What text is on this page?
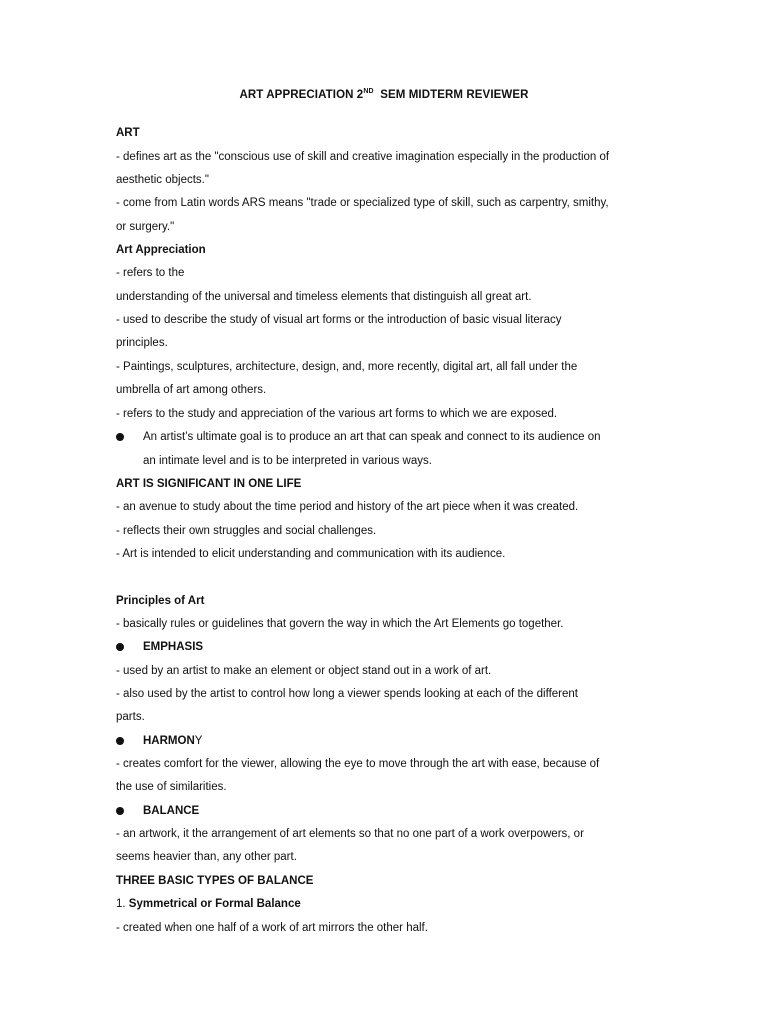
ART APPRECIATION 2ND  SEM MIDTERM REVIEWER
ART
- defines art as the "conscious use of skill and creative imagination especially in the production of
aesthetic objects."
- come from Latin words ARS means "trade or specialized type of skill, such as carpentry, smithy,
or surgery."
Art Appreciation
- refers to the
understanding of the universal and timeless elements that distinguish all great art.
- used to describe the study of visual art forms or the introduction of basic visual literacy
principles.
- Paintings, sculptures, architecture, design, and, more recently, digital art, all fall under the
umbrella of art among others.
- refers to the study and appreciation of the various art forms to which we are exposed.
An artist’s ultimate goal is to produce an art that can speak and connect to its audience on
an intimate level and is to be interpreted in various ways.
ART IS SIGNIFICANT IN ONE LIFE
- an avenue to study about the time period and history of the art piece when it was created.
- reflects their own struggles and social challenges.
- Art is intended to elicit understanding and communication with its audience.
Principles of Art
- basically rules or guidelines that govern the way in which the Art Elements go together.
EMPHASIS
- used by an artist to make an element or object stand out in a work of art.
- also used by the artist to control how long a viewer spends looking at each of the different
parts.
HARMONY
- creates comfort for the viewer, allowing the eye to move through the art with ease, because of
the use of similarities.
BALANCE
- an artwork, it the arrangement of art elements so that no one part of a work overpowers, or
seems heavier than, any other part.
THREE BASIC TYPES OF BALANCE
1. Symmetrical or Formal Balance
- created when one half of a work of art mirrors the other half.
